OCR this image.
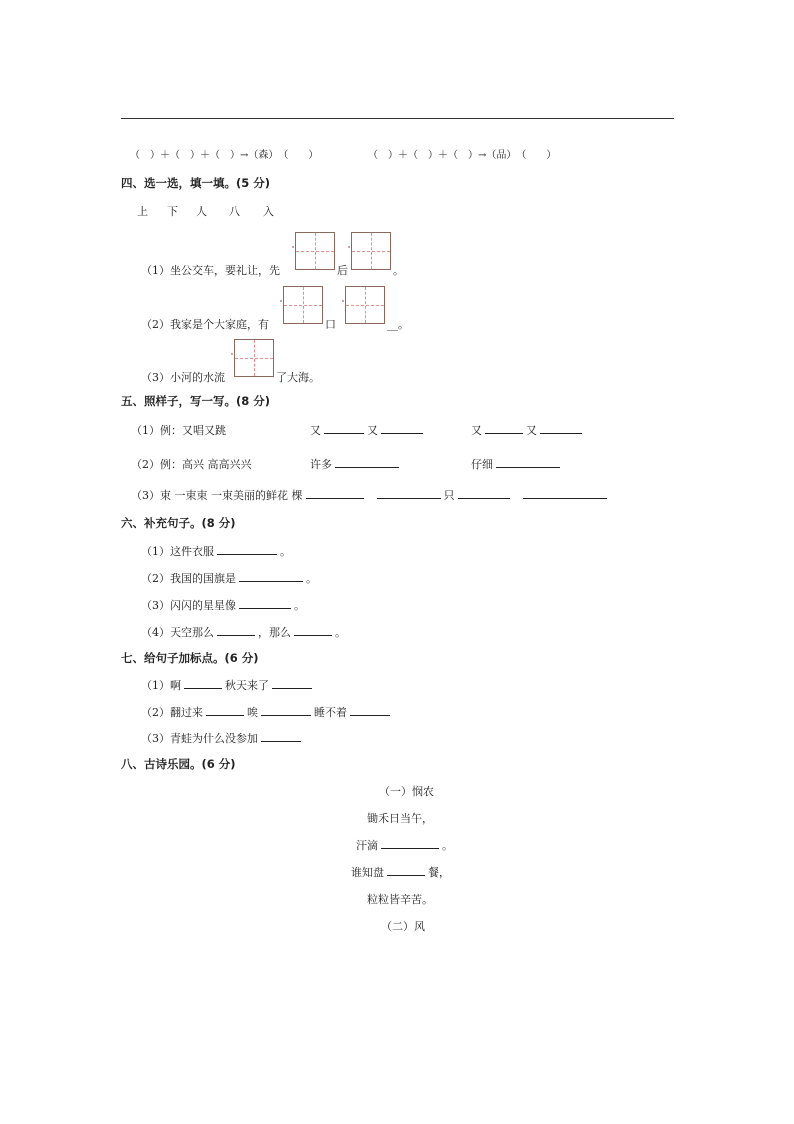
（　）＋（　）＋（　）→（森）　（　　）	（　）＋（　）＋（　）→（品）　（　　）
四、选一选，填一填。(5 分)
上 下 人 八 入
（1）坐公交车，要礼让，先	后	。
（2）我家是个大家庭，有	口	__。
（3）小河的水流	了大海。
五、照样子，写一写。(8 分)
（1）例：又唱又跳	又	又	又	又
（2）例：高兴 高高兴兴	许多	仔细
（3）束 一束束 一束美丽的鲜花 棵	只
六、补充句子。(8 分)
（1）这件衣服	。
（2）我国的国旗是	。
（3）闪闪的星星像	。
（4）天空那么	，那么	。
七、给句子加标点。(6 分)
（1）啊	秋天来了
（2）翻过来	唉	睡不着
（3）青蛙为什么没参加
八、古诗乐园。(6 分)
（一）悯农
锄禾日当午，
汗滴	。
谁知盘	餐，
粒粒皆辛苦。
（二）风
